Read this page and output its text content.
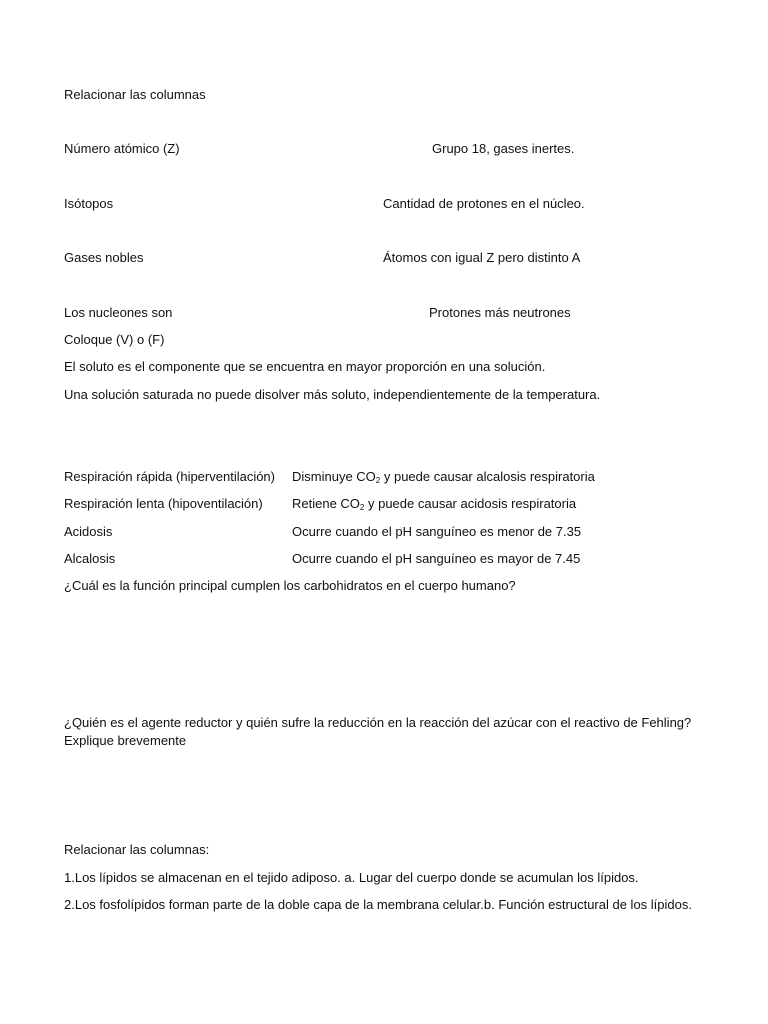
Relacionar las columnas
Número atómico (Z)	Grupo 18, gases inertes.
Isótopos	Cantidad de protones en el núcleo.
Gases nobles	Átomos con igual Z pero distinto A
Los nucleones son	Protones más neutrones
Coloque (V) o (F)
El soluto es el componente que se encuentra en mayor proporción en una solución.
Una solución saturada no puede disolver más soluto, independientemente de la temperatura.
Respiración rápida (hiperventilación) Disminuye $CO_2$ y puede causar alcalosis respiratoria
Respiración lenta (hipoventilación) Retiene $CO_2$ y puede causar acidosis respiratoria
Acidosis	Ocurre cuando el pH sanguíneo es menor de 7.35
Alcalosis	Ocurre cuando el pH sanguíneo es mayor de 7.45
¿Cuál es la función principal cumplen los carbohidratos en el cuerpo humano?
¿Quién es el agente reductor y quién sufre la reducción en la reacción del azúcar con el reactivo de Fehling?
Explique brevemente
Relacionar las columnas:
1.Los lípidos se almacenan en el tejido adiposo. a. Lugar del cuerpo donde se acumulan los lípidos.
2.Los fosfolípidos forman parte de la doble capa de la membrana celular.b. Función estructural de los lípidos.
